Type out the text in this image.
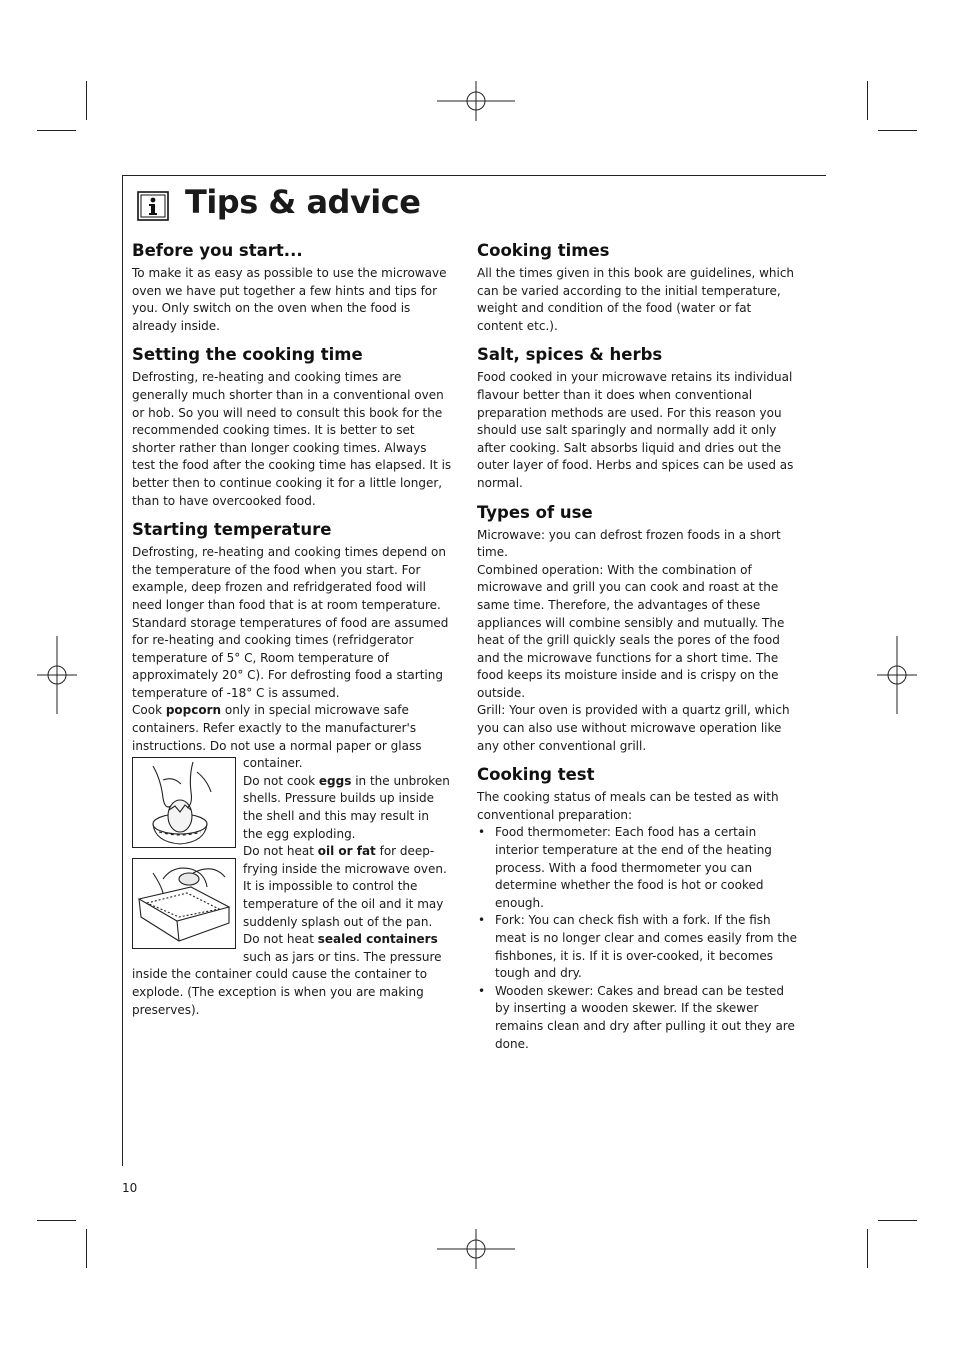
Tips & advice
Before you start...

To make it as easy as possible to use the microwave oven we have put together a few hints and tips for you. Only switch on the oven when the food is already inside.

Setting the cooking time

Defrosting, re-heating and cooking times are generally much shorter than in a conventional oven or hob. So you will need to consult this book for the recommended cooking times. It is better to set shorter rather than longer cooking times. Always test the food after the cooking time has elapsed. It is better then to continue cooking it for a little longer, than to have overcooked food.

Starting temperature

Defrosting, re-heating and cooking times depend on the temperature of the food when you start. For example, deep frozen and refridgerated food will need longer than food that is at room temperature. Standard storage temperatures of food are assumed for re-heating and cooking times (refridgerator temperature of 5° C, Room temperature of approximately 20° C). For defrosting food a starting temperature of -18° C is assumed.

Cook popcorn only in special microwave safe containers. Refer exactly to the manufacturer's instructions. Do not use a normal paper or glass

container.

Do not cook eggs in the unbroken shells. Pressure builds up inside the shell and this may result in the egg exploding.

Do not heat oil or fat for deep-frying inside the microwave oven. It is impossible to control the temperature of the oil and it may suddenly splash out of the pan.

Do not heat sealed containers such as jars or tins. The pressure inside the container could cause the container to explode. (The exception is when you are making preserves).

Cooking times

All the times given in this book are guidelines, which can be varied according to the initial temperature, weight and condition of the food (water or fat content etc.).

Salt, spices & herbs

Food cooked in your microwave retains its individual flavour better than it does when conventional preparation methods are used. For this reason you should use salt sparingly and normally add it only after cooking. Salt absorbs liquid and dries out the outer layer of food. Herbs and spices can be used as normal.

Types of use

Microwave: you can defrost frozen foods in a short time.

Combined operation: With the combination of microwave and grill you can cook and roast at the same time. Therefore, the advantages of these appliances will combine sensibly and mutually. The heat of the grill quickly seals the pores of the food and the microwave functions for a short time. The food keeps its moisture inside and is crispy on the outside.

Grill: Your oven is provided with a quartz grill, which you can also use without microwave operation like any other conventional grill.

Cooking test

The cooking status of meals can be tested as with conventional preparation:

• Food thermometer: Each food has a certain interior temperature at the end of the heating process. With a food thermometer you can determine whether the food is hot or cooked enough.
• Fork: You can check fish with a fork. If the fish meat is no longer clear and comes easily from the fishbones, it is. If it is over-cooked, it becomes tough and dry.
• Wooden skewer: Cakes and bread can be tested by inserting a wooden skewer. If the skewer remains clean and dry after pulling it out they are done.
10
